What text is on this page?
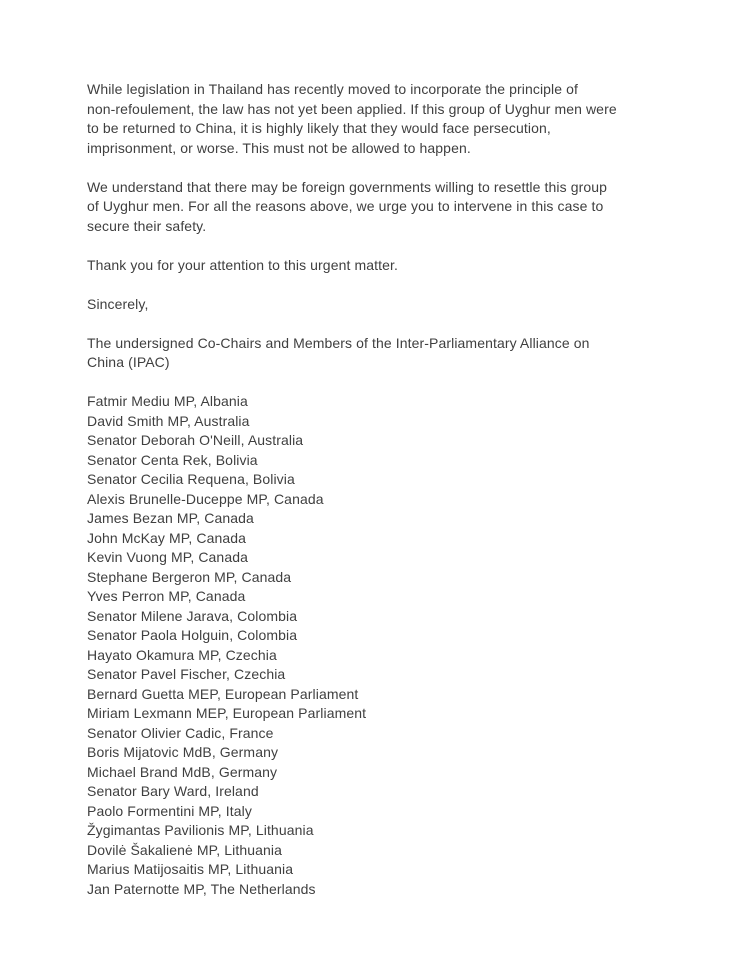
While legislation in Thailand has recently moved to incorporate the principle of
non-refoulement, the law has not yet been applied. If this group of Uyghur men were
to be returned to China, it is highly likely that they would face persecution,
imprisonment, or worse. This must not be allowed to happen.
We understand that there may be foreign governments willing to resettle this group
of Uyghur men. For all the reasons above, we urge you to intervene in this case to
secure their safety.
Thank you for your attention to this urgent matter.
Sincerely,
The undersigned Co-Chairs and Members of the Inter-Parliamentary Alliance on
China (IPAC)
Fatmir Mediu MP, Albania
David Smith MP, Australia
Senator Deborah O'Neill, Australia
Senator Centa Rek, Bolivia
Senator Cecilia Requena, Bolivia
Alexis Brunelle-Duceppe MP, Canada
James Bezan MP, Canada
John McKay MP, Canada
Kevin Vuong MP, Canada
Stephane Bergeron MP, Canada
Yves Perron MP, Canada
Senator Milene Jarava, Colombia
Senator Paola Holguin, Colombia
Hayato Okamura MP, Czechia
Senator Pavel Fischer, Czechia
Bernard Guetta MEP, European Parliament
Miriam Lexmann MEP, European Parliament
Senator Olivier Cadic, France
Boris Mijatovic MdB, Germany
Michael Brand MdB, Germany
Senator Bary Ward, Ireland
Paolo Formentini MP, Italy
Žygimantas Pavilionis MP, Lithuania
Dovilė Šakalienė MP, Lithuania
Marius Matijosaitis MP, Lithuania
Jan Paternotte MP, The Netherlands
